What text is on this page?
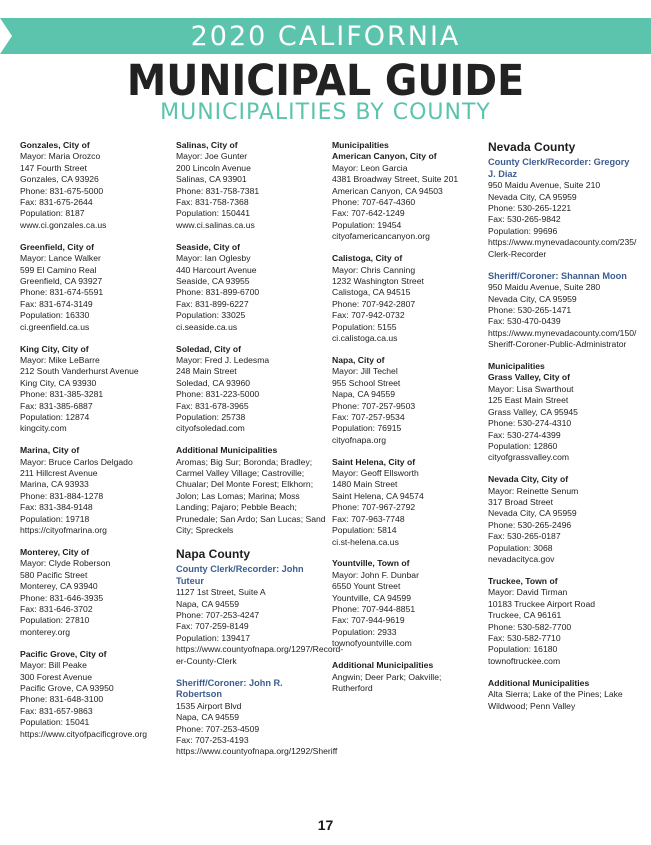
2020 CALIFORNIA
MUNICIPAL GUIDE
MUNICIPALITIES BY COUNTY
Gonzales, City of
Mayor: Maria Orozco
147 Fourth Street
Gonzales, CA 93926
Phone: 831-675-5000
Fax: 831-675-2644
Population: 8187
www.ci.gonzales.ca.us
Greenfield, City of
Mayor: Lance Walker
599 El Camino Real
Greenfield, CA 93927
Phone: 831-674-5591
Fax: 831-674-3149
Population: 16330
ci.greenfield.ca.us
King City, City of
Mayor: Mike LeBarre
212 South Vanderhurst Avenue
King City, CA 93930
Phone: 831-385-3281
Fax: 831-385-6887
Population: 12874
kingcity.com
Marina, City of
Mayor: Bruce Carlos Delgado
211 Hillcrest Avenue
Marina, CA 93933
Phone: 831-884-1278
Fax: 831-384-9148
Population: 19718
https://cityofmarina.org
Monterey, City of
Mayor: Clyde Roberson
580 Pacific Street
Monterey, CA 93940
Phone: 831-646-3935
Fax: 831-646-3702
Population: 27810
monterey.org
Pacific Grove, City of
Mayor: Bill Peake
300 Forest Avenue
Pacific Grove, CA 93950
Phone: 831-648-3100
Fax: 831-657-9863
Population: 15041
https://www.cityofpacificgrove.org
Salinas, City of
Mayor: Joe Gunter
200 Lincoln Avenue
Salinas, CA 93901
Phone: 831-758-7381
Fax: 831-758-7368
Population: 150441
www.ci.salinas.ca.us
Seaside, City of
Mayor: Ian Oglesby
440 Harcourt Avenue
Seaside, CA 93955
Phone: 831-899-6700
Fax: 831-899-6227
Population: 33025
ci.seaside.ca.us
Soledad, City of
Mayor: Fred J. Ledesma
248 Main Street
Soledad, CA 93960
Phone: 831-223-5000
Fax: 831-678-3965
Population: 25738
cityofsoledad.com
Additional Municipalities
Aromas; Big Sur; Boronda; Bradley; Carmel Valley Village; Castroville; Chualar; Del Monte Forest; Elkhorn; Jolon; Las Lomas; Marina; Moss Landing; Pajaro; Pebble Beach; Prunedale; San Ardo; San Lucas; Sand City; Spreckels
Napa County
County Clerk/Recorder: John Tuteur
1127 1st Street, Suite A
Napa, CA 94559
Phone: 707-253-4247
Fax: 707-259-8149
Population: 139417
https://www.countyofnapa.org/1297/Record-
er-County-Clerk
Sheriff/Coroner: John R. Robertson
1535 Airport Blvd
Napa, CA 94559
Phone: 707-253-4509
Fax: 707-253-4193
https://www.countyofnapa.org/1292/Sheriff
Municipalities
American Canyon, City of
Mayor: Leon Garcia
4381 Broadway Street, Suite 201
American Canyon, CA 94503
Phone: 707-647-4360
Fax: 707-642-1249
Population: 19454
cityofamericancanyon.org
Calistoga, City of
Mayor: Chris Canning
1232 Washington Street
Calistoga, CA 94515
Phone: 707-942-2807
Fax: 707-942-0732
Population: 5155
ci.calistoga.ca.us
Napa, City of
Mayor: Jill Techel
955 School Street
Napa, CA 94559
Phone: 707-257-9503
Fax: 707-257-9534
Population: 76915
cityofnapa.org
Saint Helena, City of
Mayor: Geoff Ellsworth
1480 Main Street
Saint Helena, CA 94574
Phone: 707-967-2792
Fax: 707-963-7748
Population: 5814
ci.st-helena.ca.us
Yountville, Town of
Mayor: John F. Dunbar
6550 Yount Street
Yountville, CA 94599
Phone: 707-944-8851
Fax: 707-944-9619
Population: 2933
townofyountville.com
Additional Municipalities
Angwin; Deer Park; Oakville; Rutherford
Nevada County
County Clerk/Recorder: Gregory J. Diaz
950 Maidu Avenue, Suite 210
Nevada City, CA 95959
Phone: 530-265-1221
Fax: 530-265-9842
Population: 99696
https://www.mynevadacounty.com/235/
Clerk-Recorder
Sheriff/Coroner: Shannan Moon
950 Maidu Avenue, Suite 280
Nevada City, CA 95959
Phone: 530-265-1471
Fax: 530-470-0439
https://www.mynevadacounty.com/150/
Sheriff-Coroner-Public-Administrator
Municipalities
Grass Valley, City of
Mayor: Lisa Swarthout
125 East Main Street
Grass Valley, CA 95945
Phone: 530-274-4310
Fax: 530-274-4399
Population: 12860
cityofgrassvalley.com
Nevada City, City of
Mayor: Reinette Senum
317 Broad Street
Nevada City, CA 95959
Phone: 530-265-2496
Fax: 530-265-0187
Population: 3068
nevadacityca.gov
Truckee, Town of
Mayor: David Tirman
10183 Truckee Airport Road
Truckee, CA 96161
Phone: 530-582-7700
Fax: 530-582-7710
Population: 16180
townoftruckee.com
Additional Municipalities
Alta Sierra; Lake of the Pines; Lake Wildwood; Penn Valley
17
